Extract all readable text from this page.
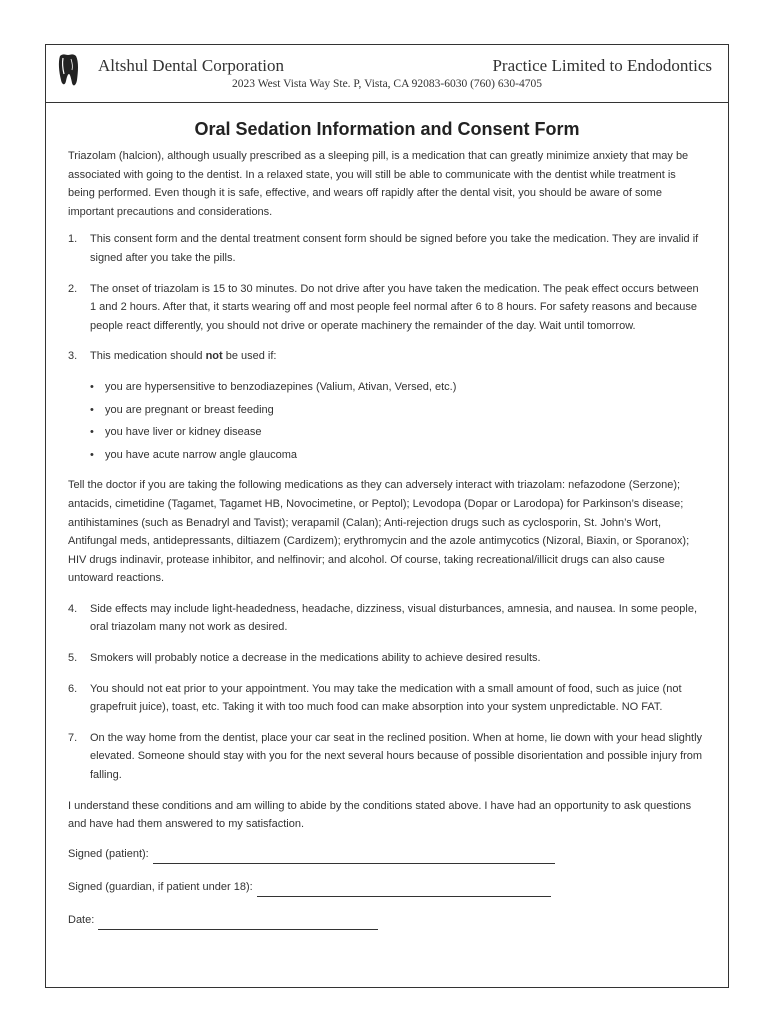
Altshul Dental Corporation	Practice Limited to Endodontics
2023 West Vista Way Ste. P, Vista, CA 92083-6030 (760) 630-4705
Oral Sedation Information and Consent Form

Triazolam (halcion), although usually prescribed as a sleeping pill, is a medication that can greatly minimize anxiety that may be associated with going to the dentist. In a relaxed state, you will still be able to communicate with the dentist while treatment is being performed. Even though it is safe, effective, and wears off rapidly after the dental visit, you should be aware of some important precautions and considerations.

1.	This consent form and the dental treatment consent form should be signed before you take the medication. They are invalid if signed after you take the pills.
2.	The onset of triazolam is 15 to 30 minutes. Do not drive after you have taken the medication. The peak effect occurs between 1 and 2 hours. After that, it starts wearing off and most people feel normal after 6 to 8 hours. For safety reasons and because people react differently, you should not drive or operate machinery the remainder of the day. Wait until tomorrow.
3.	This medication should not be used if:
•	you are hypersensitive to benzodiazepines (Valium, Ativan, Versed, etc.)
•	you are pregnant or breast feeding
•	you have liver or kidney disease
•	you have acute narrow angle glaucoma

Tell the doctor if you are taking the following medications as they can adversely interact with triazolam: nefazodone (Serzone); antacids, cimetidine (Tagamet, Tagamet HB, Novocimetine, or Peptol); Levodopa (Dopar or Larodopa) for Parkinson’s disease; antihistamines (such as Benadryl and Tavist); verapamil (Calan); Anti-rejection drugs such as cyclosporin, St. John’s Wort, Antifungal meds, antidepressants, diltiazem (Cardizem); erythromycin and the azole antimycotics (Nizoral, Biaxin, or Sporanox); HIV drugs indinavir, protease inhibitor, and nelfinovir; and alcohol. Of course, taking recreational/illicit drugs can also cause untoward reactions.

4.	Side effects may include light-headedness, headache, dizziness, visual disturbances, amnesia, and nausea. In some people, oral triazolam many not work as desired.
5.	Smokers will probably notice a decrease in the medications ability to achieve desired results.
6.	You should not eat prior to your appointment. You may take the medication with a small amount of food, such as juice (not grapefruit juice), toast, etc. Taking it with too much food can make absorption into your system unpredictable. NO FAT.
7.	On the way home from the dentist, place your car seat in the reclined position. When at home, lie down with your head slightly elevated. Someone should stay with you for the next several hours because of possible disorientation and possible injury from falling.

I understand these conditions and am willing to abide by the conditions stated above. I have had an opportunity to ask questions and have had them answered to my satisfaction.

Signed (patient):
Signed (guardian, if patient under 18):
Date:
